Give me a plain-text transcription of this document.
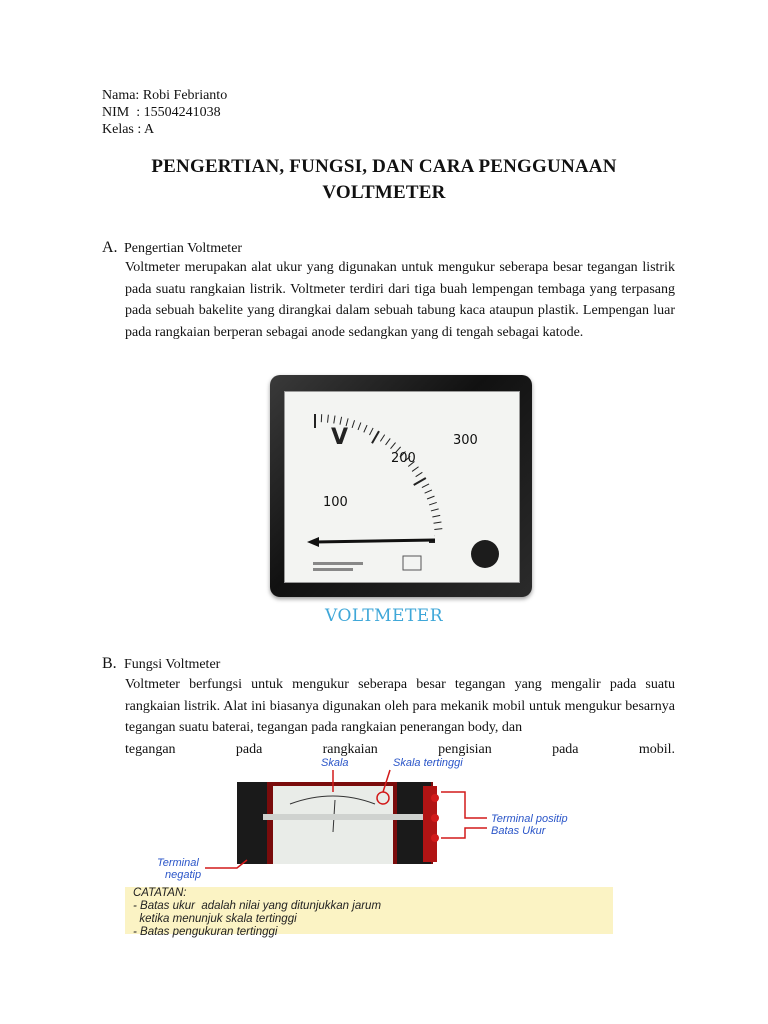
Nama: Robi Febrianto
NIM  : 15504241038
Kelas : A
PENGERTIAN, FUNGSI, DAN CARA PENGGUNAAN
VOLTMETER
A. Pengertian Voltmeter
Voltmeter merupakan alat ukur yang digunakan untuk mengukur seberapa besar tegangan listrik pada suatu rangkaian listrik. Voltmeter terdiri dari tiga buah lempengan tembaga yang terpasang pada sebuah bakelite yang dirangkai dalam sebuah tabung kaca ataupun plastik. Lempengan luar pada rangkaian berperan sebagai anode sedangkan yang di tengah sebagai katode.
V
100
200
300
VOLTMETER
B. Fungsi Voltmeter
Voltmeter berfungsi untuk mengukur seberapa besar tegangan yang mengalir pada suatu rangkaian listrik. Alat ini biasanya digunakan oleh para mekanik mobil untuk mengukur besarnya tegangan suatu baterai, tegangan pada rangkaian penerangan body, dan
tegangan pada rangkaian pengisian pada mobil.
Skala	Skala tertinggi
Terminal positip
Batas Ukur
Terminal
negatip
CATATAN:
- Batas ukur  adalah nilai yang ditunjukkan jarum
ketika menunjuk skala tertinggi
- Batas pengukuran tertinggi
